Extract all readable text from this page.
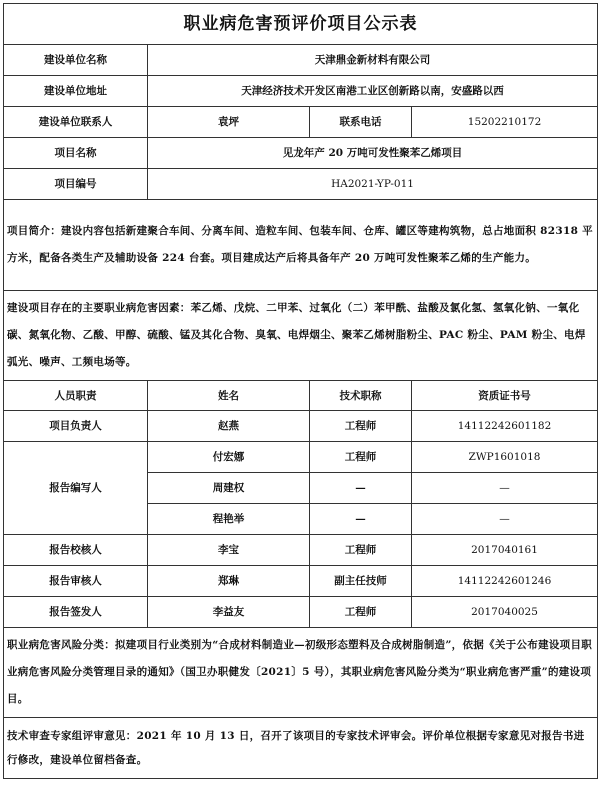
职业病危害预评价项目公示表			
建设单位名称	天津鼎金新材料有限公司		
建设单位地址	天津经济技术开发区南港工业区创新路以南，安盛路以西		
建设单位联系人	袁坪	联系电话	15202210172
项目名称	见龙年产 20 万吨可发性聚苯乙烯项目		
项目编号	HA2021-YP-011		
项目简介：建设内容包括新建聚合车间、分离车间、造粒车间、包装车间、仓库、罐区等建构筑物，总占地面积 82318 平方米，配备各类生产及辅助设备 224 台套。项目建成达产后将具备年产 20 万吨可发性聚苯乙烯的生产能力。			
建设项目存在的主要职业病危害因素：苯乙烯、戊烷、二甲苯、过氧化（二）苯甲酰、盐酸及氯化氢、氢氧化钠、一氧化碳、氮氧化物、乙酸、甲醇、硫酸、锰及其化合物、臭氧、电焊烟尘、聚苯乙烯树脂粉尘、PAC 粉尘、PAM 粉尘、电焊弧光、噪声、工频电场等。			
人员职责	姓名	技术职称	资质证书号
项目负责人	赵燕	工程师	14112242601182
报告编写人	付宏娜	工程师	ZWP1601018
	周建权	—	—
	程艳举	—	—
报告校核人	李宝	工程师	2017040161
报告审核人	郑琳	副主任技师	14112242601246
报告签发人	李益友	工程师	2017040025
职业病危害风险分类：拟建项目行业类别为“合成材料制造业—初级形态塑料及合成树脂制造”，依据《关于公布建设项目职业病危害风险分类管理目录的通知》（国卫办职健发〔2021〕5 号），其职业病危害风险分类为“职业病危害严重”的建设项目。			
技术审查专家组评审意见：2021 年 10 月 13 日，召开了该项目的专家技术评审会。评价单位根据专家意见对报告书进行修改，建设单位留档备查。			
